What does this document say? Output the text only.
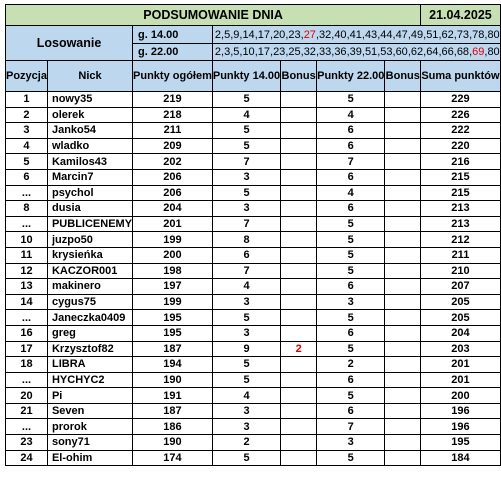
PODSUMOWANIE DNIA							21.04.2025
Losowanie		g. 14.00	2,5,9,14,17,20,23,27,32,40,41,43,44,47,49,51,62,73,78,80				
		g. 22.00	2,3,5,10,17,23,25,32,33,36,39,51,53,60,62,64,66,68,69,80				
Pozycja	Nick	Punkty ogółem	Punkty 14.00	Bonus	Punkty 22.00	Bonus	Suma punktów
1	nowy35	219	5		5		229
2	olerek	218	4		4		226
3	Janko54	211	5		6		222
4	wladko	209	5		6		220
5	Kamilos43	202	7		7		216
6	Marcin7	206	3		6		215
...	psychol	206	5		4		215
8	dusia	204	3		6		213
...	PUBLICENEMY	201	7		5		213
10	juzpo50	199	8		5		212
11	krysieńka	200	6		5		211
12	KACZOR001	198	7		5		210
13	makinero	197	4		6		207
14	cygus75	199	3		3		205
...	Janeczka0409	195	5		5		205
16	greg	195	3		6		204
17	Krzysztof82	187	9	2	5		203
18	LIBRA	194	5		2		201
...	HYCHYC2	190	5		6		201
20	Pi	191	4		5		200
21	Seven	187	3		6		196
...	prorok	186	3		7		196
23	sony71	190	2		3		195
24	El-ohim	174	5		5		184
